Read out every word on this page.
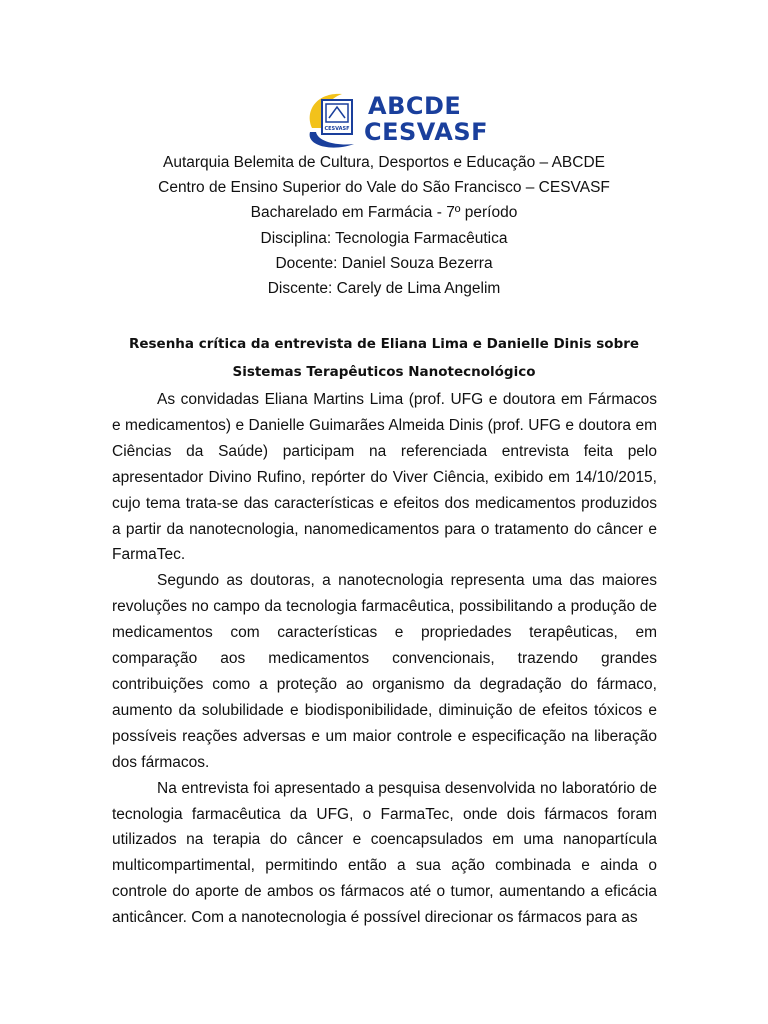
CESVASF
ABCDE
CESVASF
Autarquia Belemita de Cultura, Desportos e Educação – ABCDE
Centro de Ensino Superior do Vale do São Francisco – CESVASF
Bacharelado em Farmácia - 7º período
Disciplina: Tecnologia Farmacêutica
Docente: Daniel Souza Bezerra
Discente: Carely de Lima Angelim
Resenha crítica da entrevista de Eliana Lima e Danielle Dinis sobre
Sistemas Terapêuticos Nanotecnológico

As convidadas Eliana Martins Lima (prof. UFG e doutora em Fármacos e medicamentos) e Danielle Guimarães Almeida Dinis (prof. UFG e doutora em Ciências da Saúde) participam na referenciada entrevista feita pelo apresentador Divino Rufino, repórter do Viver Ciência, exibido em 14/10/2015, cujo tema trata-se das características e efeitos dos medicamentos produzidos a partir da nanotecnologia, nanomedicamentos para o tratamento do câncer e FarmaTec.

Segundo as doutoras, a nanotecnologia representa uma das maiores revoluções no campo da tecnologia farmacêutica, possibilitando a produção de medicamentos com características e propriedades terapêuticas, em comparação aos medicamentos convencionais, trazendo grandes contribuições como a proteção ao organismo da degradação do fármaco, aumento da solubilidade e biodisponibilidade, diminuição de efeitos tóxicos e possíveis reações adversas e um maior controle e especificação na liberação dos fármacos.

Na entrevista foi apresentado a pesquisa desenvolvida no laboratório de tecnologia farmacêutica da UFG, o FarmaTec, onde dois fármacos foram utilizados na terapia do câncer e coencapsulados em uma nanopartícula multicompartimental, permitindo então a sua ação combinada e ainda o controle do aporte de ambos os fármacos até o tumor, aumentando a eficácia anticâncer. Com a nanotecnologia é possível direcionar os fármacos para as
